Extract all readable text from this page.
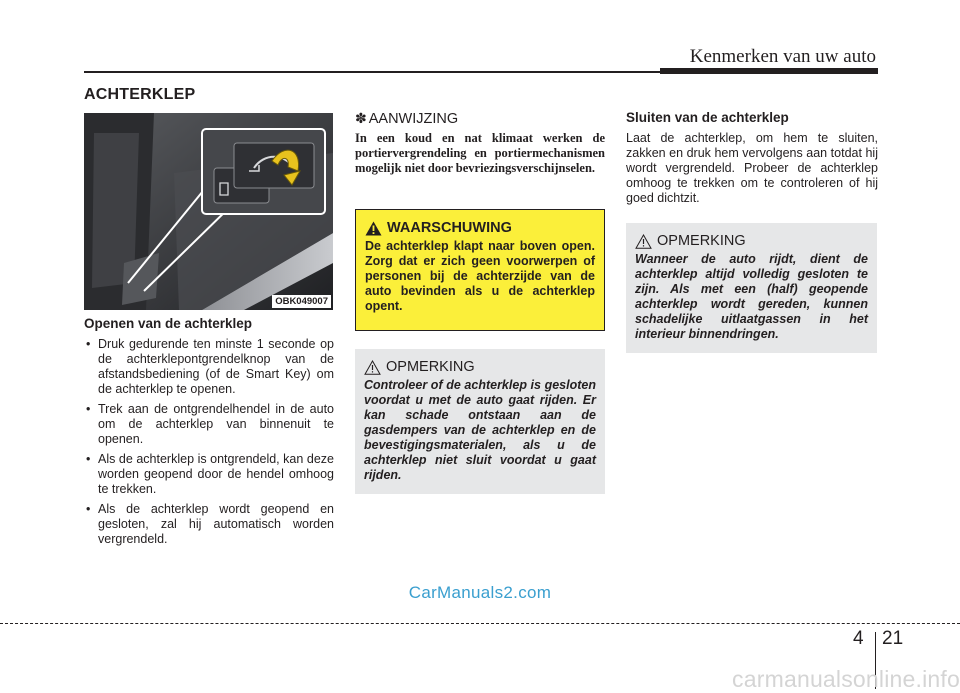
Kenmerken van uw auto
ACHTERKLEP
OBK049007
Openen van de achterklep
• Druk gedurende ten minste 1 seconde op de achterklepontgrendelknop van de afstandsbediening (of de Smart Key) om de achterklep te openen.
• Trek aan de ontgrendelhendel in de auto om de achterklep van binnenuit te openen.
• Als de achterklep is ontgrendeld, kan deze worden geopend door de hendel omhoog te trekken.
• Als de achterklep wordt geopend en gesloten, zal hij automatisch worden vergrendeld.
✽ AANWIJZING

In een koud en nat klimaat werken de portiervergrendeling en portiermechanismen mogelijk niet door bevriezingsverschijnselen.

WAARSCHUWING

De achterklep klapt naar boven open. Zorg dat er zich geen voorwerpen of personen bij de achterzijde van de auto bevinden als u de achterklep opent.

OPMERKING

Controleer of de achterklep is gesloten voordat u met de auto gaat rijden. Er kan schade ontstaan aan de gasdempers van de achterklep en de bevestigingsmaterialen, als u de achterklep niet sluit voordat u gaat rijden.

Sluiten van de achterklep

Laat de achterklep, om hem te sluiten, zakken en druk hem vervolgens aan totdat hij wordt vergrendeld. Probeer de achterklep omhoog te trekken om te controleren of hij goed dichtzit.

OPMERKING

Wanneer de auto rijdt, dient de achterklep altijd volledig gesloten te zijn. Als met een (half) geopende achterklep wordt gereden, kunnen schadelijke uitlaatgassen in het interieur binnendringen.

CarManuals2.com
4 21
carmanualsonline.info
